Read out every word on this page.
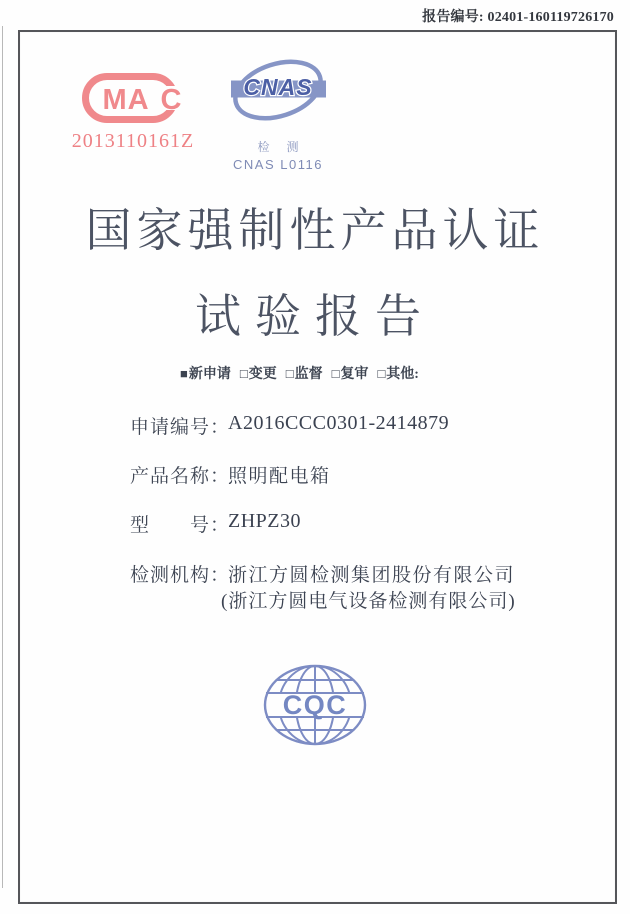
报告编号: 02401-160119726170
MA C
2013110161Z
CNAS
检 测
CNAS L0116
国家强制性产品认证
试验报告
■新申请 □变更 □监督 □复审 □其他:
申请编号：
A2016CCC0301-2414879
产品名称：
照明配电箱
型　　号：
ZHPZ30
检测机构：
浙江方圆检测集团股份有限公司
(浙江方圆电气设备检测有限公司)
CQC
